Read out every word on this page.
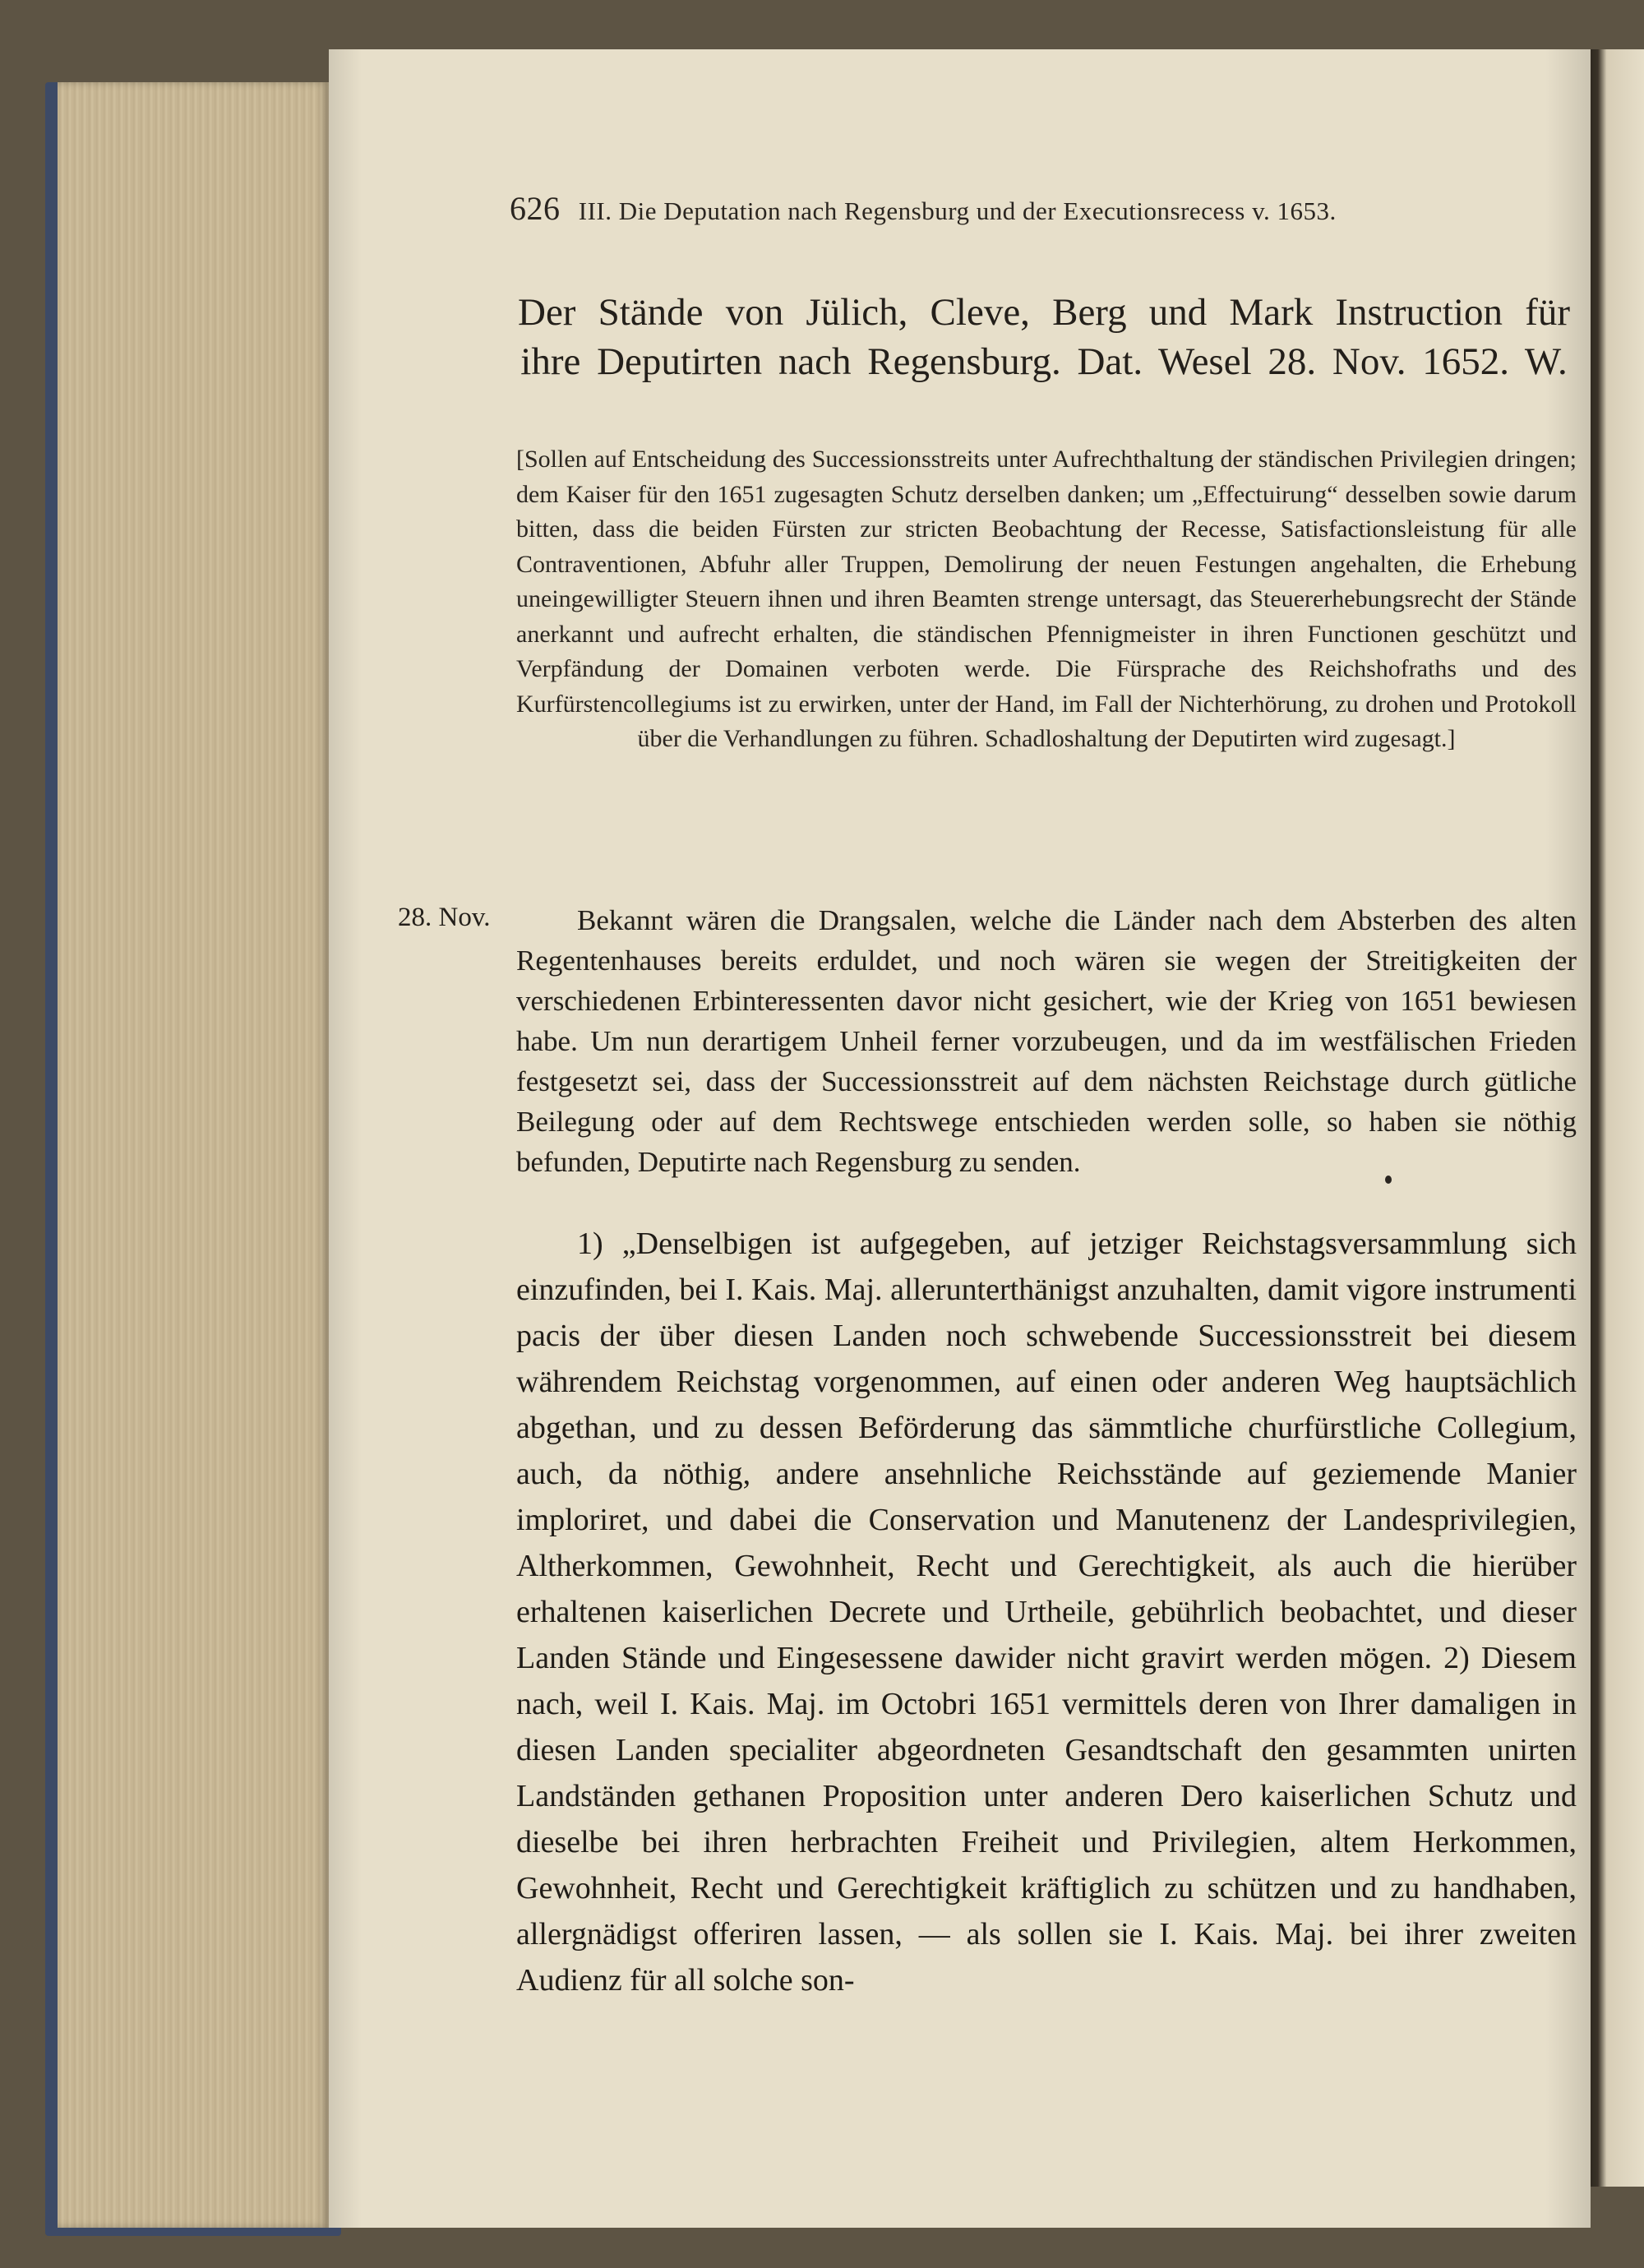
626 III. Die Deputation nach Regensburg und der Executionsrecess v. 1653.
Der Stände von Jülich, Cleve, Berg und Mark Instruction für ihre Deputirten nach Regensburg. Dat. Wesel 28. Nov. 1652. W.
[Sollen auf Entscheidung des Successionsstreits unter Aufrechthaltung der ständischen Privilegien dringen; dem Kaiser für den 1651 zugesagten Schutz derselben danken; um „Effectuirung“ desselben sowie darum bitten, dass die beiden Fürsten zur stricten Beobachtung der Recesse, Satisfactionsleistung für alle Contraventionen, Abfuhr aller Truppen, Demolirung der neuen Festungen angehalten, die Erhebung uneingewilligter Steuern ihnen und ihren Beamten strenge untersagt, das Steuererhebungsrecht der Stände anerkannt und aufrecht erhalten, die ständischen Pfennigmeister in ihren Functionen geschützt und Verpfändung der Domainen verboten werde. Die Fürsprache des Reichshofraths und des Kurfürstencollegiums ist zu erwirken, unter der Hand, im Fall der Nichterhörung, zu drohen und Protokoll über die Verhandlungen zu führen. Schadloshaltung der Deputirten wird zugesagt.]
28. Nov.	Bekannt wären die Drangsalen, welche die Länder nach dem Absterben des alten Regentenhauses bereits erduldet, und noch wären sie wegen der Streitigkeiten der verschiedenen Erbinteressenten davor nicht gesichert, wie der Krieg von 1651 bewiesen habe. Um nun derartigem Unheil ferner vorzubeugen, und da im westfälischen Frieden festgesetzt sei, dass der Successionsstreit auf dem nächsten Reichstage durch gütliche Beilegung oder auf dem Rechtswege entschieden werden solle, so haben sie nöthig befunden, Deputirte nach Regensburg zu senden.
1) „Denselbigen ist aufgegeben, auf jetziger Reichstagsversammlung sich einzufinden, bei I. Kais. Maj. allerunterthänigst anzuhalten, damit vigore instrumenti pacis der über diesen Landen noch schwebende Successionsstreit bei diesem währendem Reichstag vorgenommen, auf einen oder anderen Weg hauptsächlich abgethan, und zu dessen Beförderung das sämmtliche churfürstliche Collegium, auch, da nöthig, andere ansehnliche Reichsstände auf geziemende Manier imploriret, und dabei die Conservation und Manutenenz der Landesprivilegien, Altherkommen, Gewohnheit, Recht und Gerechtigkeit, als auch die hierüber erhaltenen kaiserlichen Decrete und Urtheile, gebührlich beobachtet, und dieser Landen Stände und Eingesessene dawider nicht gravirt werden mögen. 2) Diesem nach, weil I. Kais. Maj. im Octobri 1651 vermittels deren von Ihrer damaligen in diesen Landen specialiter abgeordneten Gesandtschaft den gesammten unirten Landständen gethanen Proposition unter anderen Dero kaiserlichen Schutz und dieselbe bei ihren herbrachten Freiheit und Privilegien, altem Herkommen, Gewohnheit, Recht und Gerechtigkeit kräftiglich zu schützen und zu handhaben, allergnädigst offeriren lassen, — als sollen sie I. Kais. Maj. bei ihrer zweiten Audienz für all solche son-
